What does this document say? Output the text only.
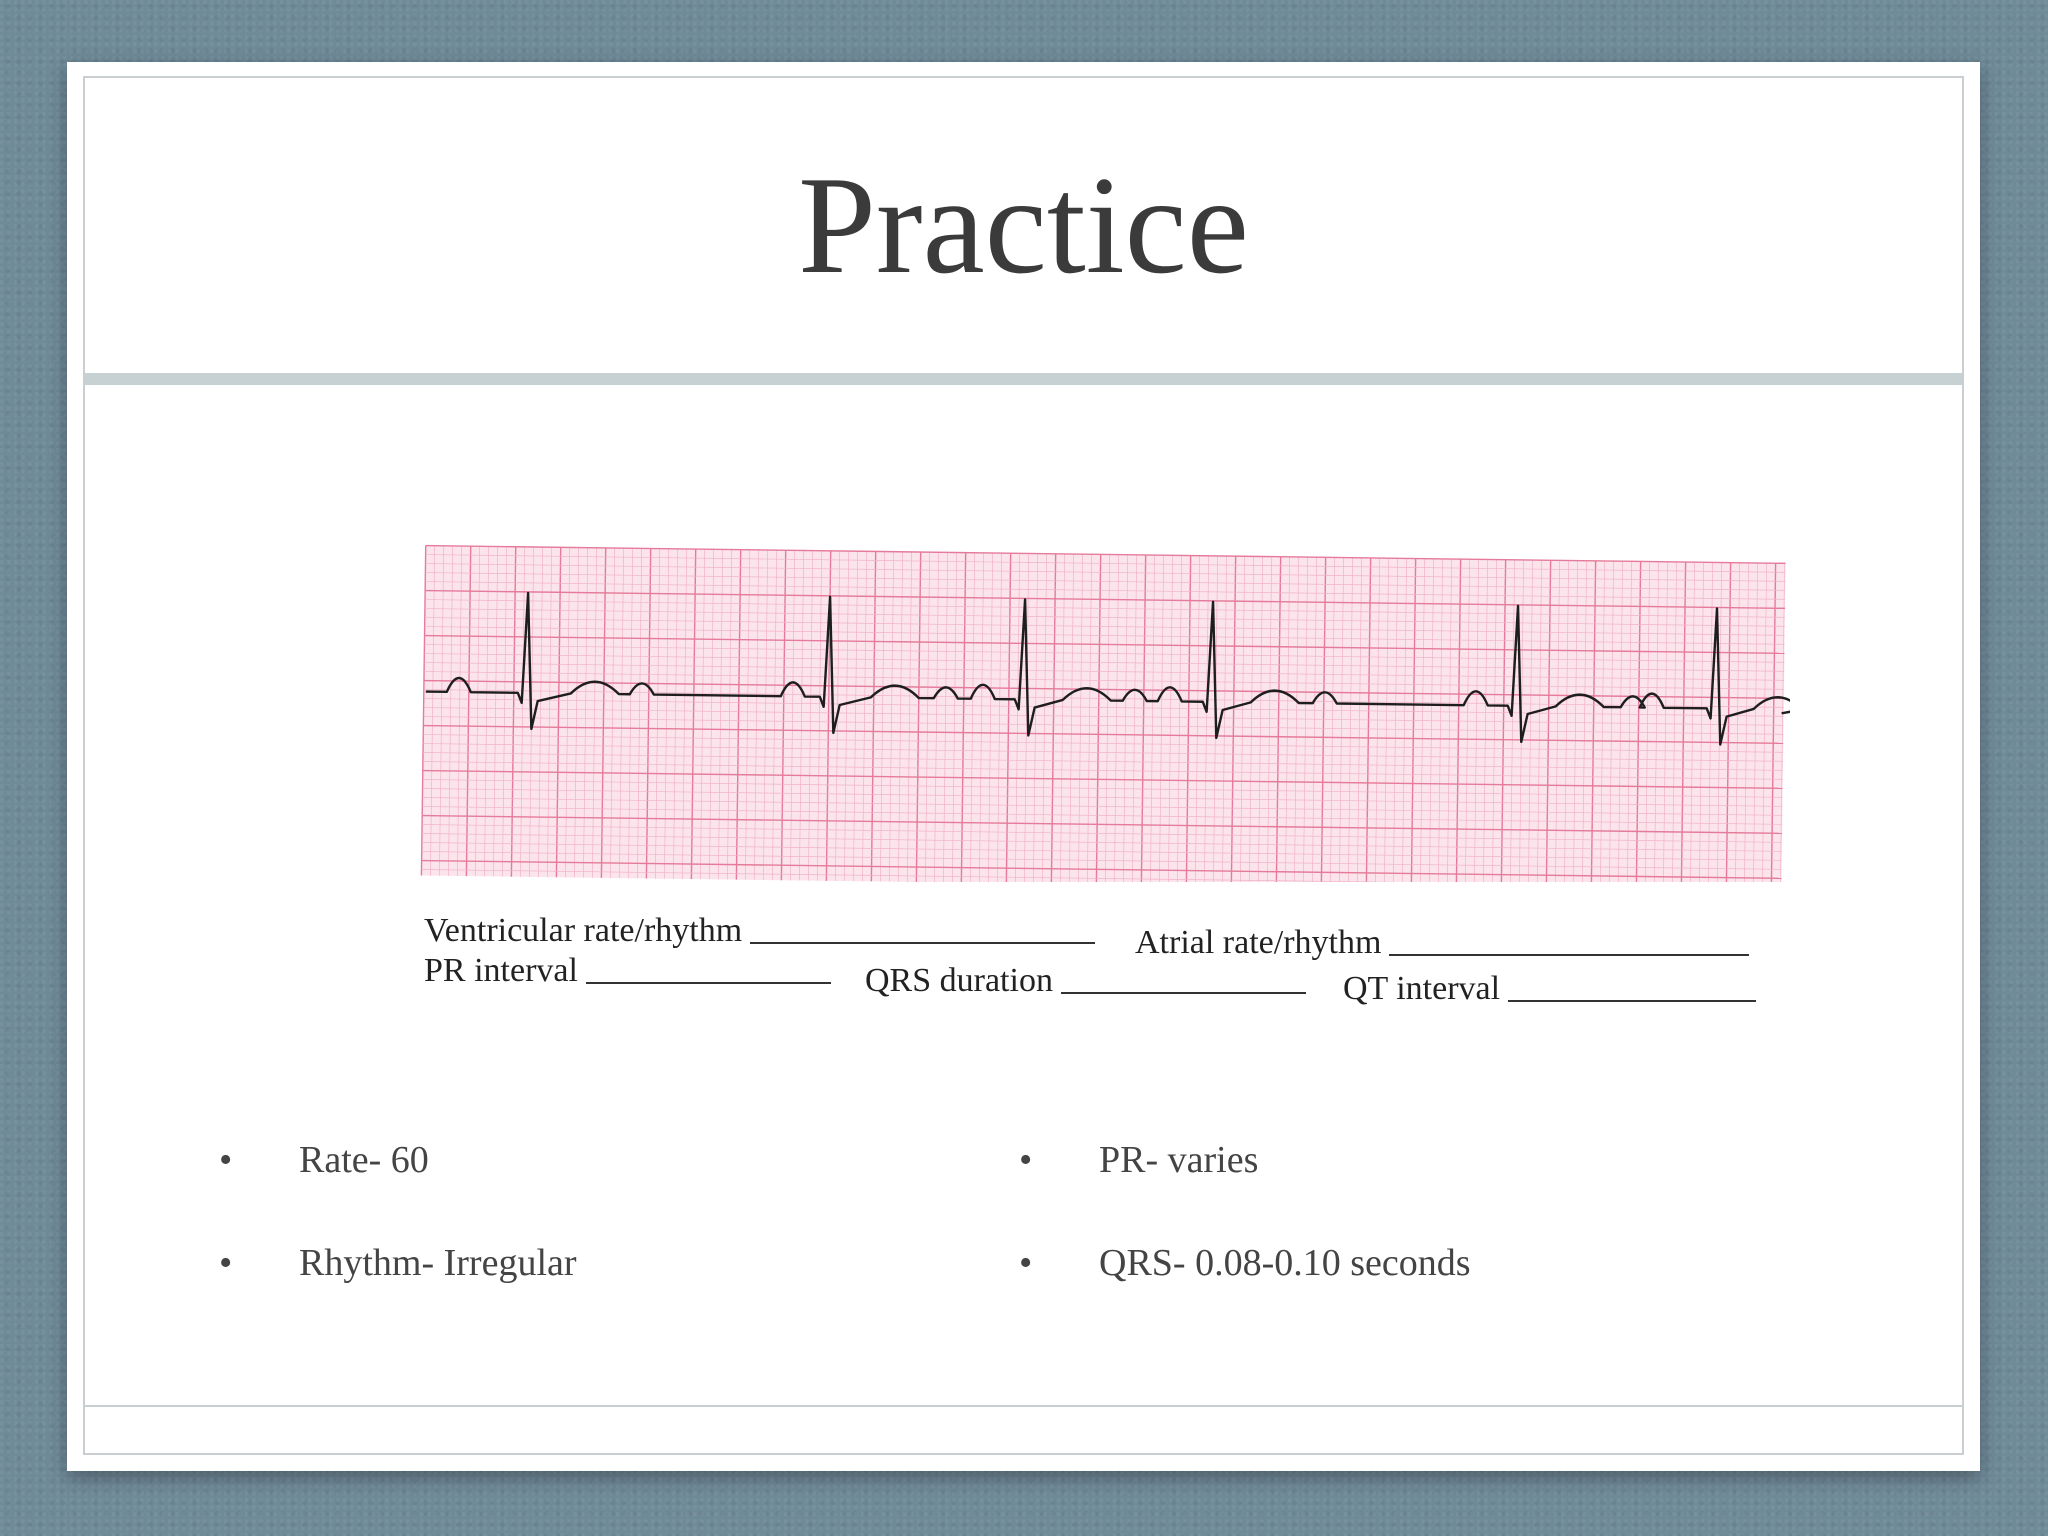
Practice
Ventricular rate/rhythm	Atrial rate/rhythm
PR interval	QRS duration	QT interval
• Rate- 60
• Rhythm- Irregular
• PR- varies
• QRS- 0.08-0.10 seconds
